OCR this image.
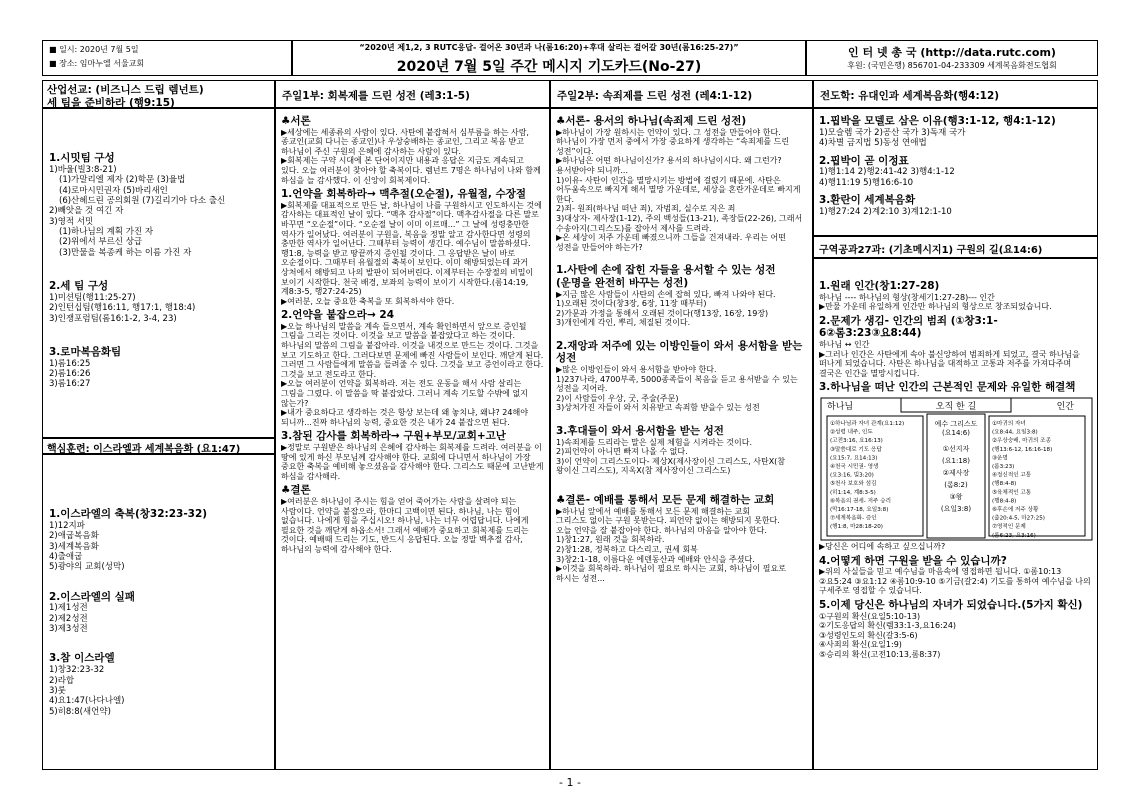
■ 일시: 2020년 7월 5일
■ 장소: 임마누엘 서울교회
“2020년 제1,2, 3 RUTC응답- 걸어온 30년과 나(롬16:20)+후대 살리는 걸어갈 30년(롬16:25-27)”
2020년 7월 5일 주간 메시지 기도카드(No-27)
인 터 넷 총 국 (http://data.rutc.com)
후원: (국민은행) 856701-04-233309 세계복음화전도협회
산업선교: (비즈니스 드립 렘넌트)
세 팀을 준비하라 (행9:15)
1.시밋팀 구성
1)바울(빌3:8-21)
(1)가말리엘 제자 (2)학문 (3)율법
(4)로마시민권자 (5)바리새인
(6)산헤드린 공의회원 (7)길리기아 다소 출신
2)빼앗을 것 여긴 자
3)영적 서밋
(1)하나님의 계획 가진 자
(2)위에서 부르신 상급
(3)만물을 복종케 하는 이름 가진 자
2.세 팀 구성
1)미션팀(행11:25-27)
2)인턴십팀(행16:11, 행17:1, 행18:4)
3)인쟁포럼팀(롬16:1-2, 3-4, 23)
3.로마복음화팀
1)롬16:25
2)롬16:26
3)롬16:27
핵심훈련: 이스라엘과 세계복음화 (요1:47)
1.이스라엘의 축복(창32:23-32)
1)12지파
2)애굽복음화
3)세계복음화
4)출애굽
5)광야의 교회(성막)
2.이스라엘의 실패
1)제1성전
2)제2성전
3)제3성전
3.참 이스라엘
1)창32:23-32
2)라합
3)룻
4)요1:47(나다나엘)
5)히8:8(새언약)
주일1부: 회복제를 드린 성전 (레3:1-5)
♣서론
▶세상에는 세종류의 사람이 있다. 사탄에 붙잡혀서 심부름을 하는 사람, 종교인(교회 다니는 종교인)나 우상숭배하는 종교인, 그리고 복음 받고 하나님이 주신 구원의 은혜에 감사하는 사람이 있다.
▶회복제는 구약 시대에 본 단어이지만 내용과 응답은 지금도 계속되고 있다. 오늘 여러분이 찾아야 할 축복이다. 렘넌트 7명은 하나님이 나와 함께 하심을 늘 감사했다. 이 신앙이 회복제이다.
1.언약을 회복하라→ 맥추절(오순절), 유월절, 수장절
▶회복제를 대표적으로 만든 날, 하나님이 나를 구원하시고 인도하시는 것에 감사하는 대표적인 날이 있다. “맥추 감사절”이다. 맥추감사절을 다른 말로 바꾸면 “오순절”이다. “오순절 날이 이미 이르매...” 그 날에 성령충만한 역사가 일어났다. 여러분이 구원을, 복음을 정말 알고 감사한다면 성령의 충만한 역사가 일어난다. 그때부터 능력이 생긴다. 예수님이 말씀하셨다. 행1:8, 능력을 받고 땅끝까지 증인될 것이다. 그 응답받은 날이 바로 오순절이다. 그때부터 유월절의 축복이 보인다. 이미 해방되었는데 과거 상처에서 해방되고 나의 발판이 되어버린다. 이제부터는 수장절의 비밀이 보이기 시작한다. 천국 배경, 보좌의 능력이 보이기 시작한다.(롬14:19, 계8:3-5, 행27:24-25)
▶여러분, 오늘 중요한 축복을 또 회복하셔야 한다.
2.언약을 붙잡으라→ 24
▶오늘 하나님의 말씀을 계속 들으면서, 계속 확인하면서 앞으로 증인될 그림을 그리는 것이다. 이것을 보고 말씀을 붙잡았다고 하는 것이다. 하나님의 말씀의 그림을 붙잡아라. 이것을 내것으로 만드는 것이다. 그것을 보고 기도하고 한다. 그러다보면 문제에 빠진 사람들이 보인다. 깨닫게 된다. 그러면 그 사람들에게 말씀을 들려줄 수 있다. 그것을 보고 증언이라고 한다. 그것을 보고 전도라고 한다.
▶오늘 여러분이 언약을 회복하라. 저는 전도 운동을 해서 사람 살리는 그림을 그렸다. 이 말씀을 딱 붙잡았다. 그러니 계속 기도할 수밖에 없지 않는가?
▶내가 중요하다고 생각하는 것은 항상 보는데 왜 놓치냐, 왜냐? 24해야 되니까...진짜 하나님의 능력, 중요한 것은 내가 24 붙잡으면 된다.
3.참된 감사를 회복하라→ 구원+부모/교회+고난
▶정말로 구원받은 하나님의 은혜에 감사하는 회복제를 드려라. 여러분을 이 땅에 있게 하신 부모님께 감사해야 한다. 교회에 다니면서 하나님이 가장 중요한 축복을 예비해 놓으셨음을 감사해야 한다. 그리스도 때문에 고난받게 하심을 감사해라.
♣결론
▶여러분은 하나님이 주시는 힘을 얻어 죽어가는 사람을 살려야 되는 사람이다. 언약을 붙잡으라, 한마디 고백이면 된다. 하나님, 나는 힘이 없습니다. 나에게 힘을 주십시오! 하나님, 나는 너무 어렵답니다. 나에게 필요한 것을 깨닫게 하옵소서! 그래서 예배가 중요하고 회복제를 드리는 것이다. 예배때 드리는 기도, 반드시 응답된다. 오늘 정말 백추절 감사, 하나님의 능력에 감사해야 한다.
주일2부: 속죄제를 드린 성전 (레4:1-12)
♣서론- 용서의 하나님(속죄제 드린 성전)
▶하나님이 가장 원하시는 언약이 있다. 그 성전을 만들어야 한다. 하나님이 가장 먼저 중에서 가장 중요하게 생각하는 “속죄제를 드린 성전”이다.
▶하나님은 어떤 하나님이신가? 용서의 하나님이시다. 왜 그런가? 용서받아야 되니까...
1)이유- 사탄이 인간을 멸망시키는 방법에 걸렸기 때문에. 사탄은 어두움속으로 빠지게 해서 멸망 가운데로, 세상을 혼란가운데로 빠지게 한다.
2)죄- 원죄(하나님 떠난 죄), 자범죄, 실수로 지은 죄
3)대상자- 제사장(1-12), 주의 백성들(13-21), 족장들(22-26), 그래서 수송아지(그리스도)를 잡아서 제사를 드려라.
▶온 세상이 저주 가운데 빠졌으니까 그들을 건져내라. 우리는 어떤 성전을 만들어야 하는가?
1.사탄에 손에 잡힌 자들을 용서할 수 있는 성전(운명을 완전히 바꾸는 성전)
▶지금 많은 사람들이 사탄의 손에 잡혀 있다, 빠져 나와야 된다.
1)오래된 것이다(창3장, 6장, 11장 때부터)
2)가문과 가정을 통해서 오래된 것이다(행13장, 16장, 19장)
3)개인에게 각인, 뿌리, 체질된 것이다.
2.재앙과 저주에 있는 이방인들이 와서 용서함을 받는 성전
▶많은 이방인들이 와서 용서함을 받아야 한다.
1)237나라, 4700부족, 5000종족들이 복음을 듣고 용서받을 수 있는 성전을 지어라.
2)이 사람들이 우상, 굿, 주술(주문)
3)상처가진 자들이 와서 치유받고 속죄함 받을수 있는 성전
3.후대들이 와서 용서함을 받는 성전
1)속죄제를 드리라는 말은 실제 체험을 시켜라는 것이다.
2)피언약이 아니면 빠져 나올 수 없다.
3)이 언약이 그리스도이다- 제상X(제사장이신 그리스도, 사탄X(참 왕이신 그리스도), 지옥X(참 제사장이신 그리스도)
♣결론- 예배를 통해서 모든 문제 해결하는 교회
▶하나님 앞에서 예배를 통해서 모든 문제 해결하는 교회
그리스도 없이는 구원 못받는다. 피언약 없이는 해방되지 못한다.
오늘 언약을 잘 붙잡아야 한다. 하나님의 마음을 알아야 한다.
1)창1:27, 원래 것을 회복하라.
2)창1:28, 정복하고 다스리고, 권세 회복
3)창2:1-18, 이름다운 에덴동산과 예배와 안식을 주셨다.
▶이것을 회복하라. 하나님이 필요로 하시는 교회, 하나님이 필요로 하시는 성전...
전도학: 유대인과 세계복음화(행4:12)
1.핍박을 모델로 삼은 이유(행3:1-12, 행4:1-12)
1)모슬렘 국가 2)공산 국가 3)독재 국가
4)차별 금지법 5)동성 연애법
2.핍박이 곧 이정표
1)행1:14 2)행2:41-42 3)행4:1-12
4)행11:19 5)행16:6-10
3.환란이 세계복음화
1)행27:24 2)계2:10 3)계12:1-10
구역공과27과: (기초메시지1) 구원의 길(요14:6)
1.원래 인간(창1:27-28)
하나님 ---- 하나님의 형상(창세기1:27-28)--- 인간
▶만물 가운데 유일하게 인간만 하나님의 형상으로 창조되었습니다.
2.문제가 생김- 인간의 범죄 (①창3:1-6②롬3:23③요8:44)
하나님 ↔ 인간
▶그러나 인간은 사탄에게 속아 불신앙하여 범죄하게 되었고, 결국 하나님을 떠나게 되었습니다. 사탄은 하나님을 대적하고 고통과 저주를 가져다주며 결국은 인간을 멸망시킵니다.
3.하나님을 떠난 인간의 근본적인 문제와 유일한 해결책
오직 한 길
하나님	인간
예수 그리스도
(요14:6)
①선지자
(요1:18)
②제사장
(롬8:2)
③왕
(요일3:8)
①하나님과 자녀 관계(요1:12)
②성령 내주, 인도
(고전3:16, 요16:13)
③말씀대로 기도 응답
(요15:7, 요14:13)
④천국 시민권- 영생
(요3:16, 빌3:20)
⑤천사 보호와 섬김
(히1:14, 계8:3-5)
⑥복음의 권세- 저주 승리
(막16:17-18, 요일3:8)
⑦세계복음화- 증인
(행1:8, 마28:18-20)
①마귀의 자녀
(요8:44, 요일3:8)
②우상숭배, 마귀의 조종
(행13:6-12, 16:16-18)
③운명
(롬3:23)
④정신적인 고통
(행8:4-8)
⑤육체적인 고통
(행8:4-8)
⑥후손에 저주 상황
(출20:4-5, 마27:25)
⑦영적인 문제
(롬6:23, 요3:16)
▶당신은 어디에 속하고 싶으십니까?
4.어떻게 하면 구원을 받을 수 있습니까?
▶위의 사실들을 믿고 예수님을 마음속에 영접하면 됩니다. ①롬10:13 ②요5:24 ③요1:12 ④롬10:9-10 ⑤기금(갈2:4) 기도를 통하여 예수님을 나의 구세주로 영접할 수 있습니다.
5.이제 당신은 하나님의 자녀가 되었습니다.(5가지 확신)
①구원의 확신(요일5:10-13)
②기도응답의 확신(렘33:1-3,요16:24)
③성령인도의 확신(갈3:5-6)
④사죄의 확신(요일1:9)
⑤승리의 확신(고전10:13,롬8:37)
- 1 -
